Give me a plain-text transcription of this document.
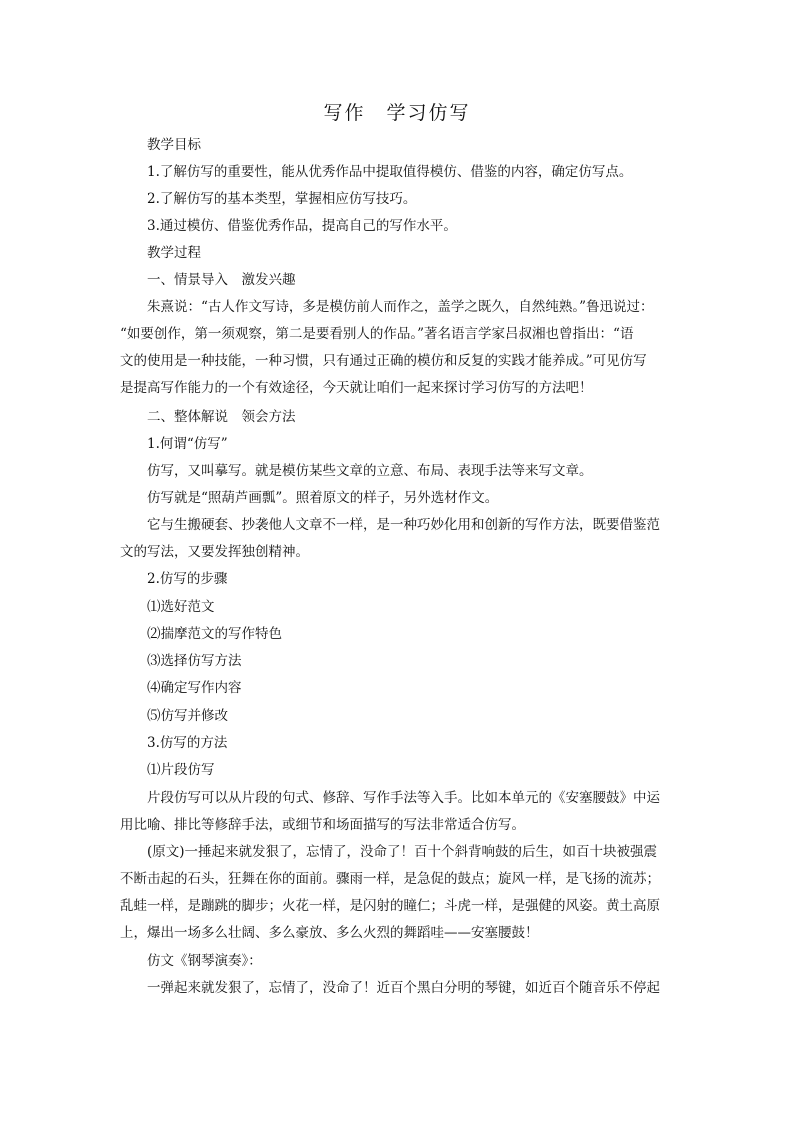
写作　学习仿写
教学目标
1.了解仿写的重要性，能从优秀作品中提取值得模仿、借鉴的内容，确定仿写点。
2.了解仿写的基本类型，掌握相应仿写技巧。
3.通过模仿、借鉴优秀作品，提高自己的写作水平。
教学过程
一、情景导入　激发兴趣
朱熹说：“古人作文写诗，多是模仿前人而作之，盖学之既久，自然纯熟。”鲁迅说过：
“如要创作，第一须观察，第二是要看别人的作品。”著名语言学家吕叔湘也曾指出：“语
文的使用是一种技能，一种习惯，只有通过正确的模仿和反复的实践才能养成。”可见仿写
是提高写作能力的一个有效途径，今天就让咱们一起来探讨学习仿写的方法吧！
二、整体解说　领会方法
1.何谓“仿写”
仿写，又叫摹写。就是模仿某些文章的立意、布局、表现手法等来写文章。
仿写就是“照葫芦画瓢”。照着原文的样子，另外选材作文。
它与生搬硬套、抄袭他人文章不一样，是一种巧妙化用和创新的写作方法，既要借鉴范
文的写法，又要发挥独创精神。
2.仿写的步骤
⑴选好范文
⑵揣摩范文的写作特色
⑶选择仿写方法
⑷确定写作内容
⑸仿写并修改
3.仿写的方法
⑴片段仿写
片段仿写可以从片段的句式、修辞、写作手法等入手。比如本单元的《安塞腰鼓》中运
用比喻、排比等修辞手法，或细节和场面描写的写法非常适合仿写。
(原文)一捶起来就发狠了，忘情了，没命了！百十个斜背响鼓的后生，如百十块被强震
不断击起的石头，狂舞在你的面前。骤雨一样，是急促的鼓点；旋风一样，是飞扬的流苏；
乱蛙一样，是蹦跳的脚步；火花一样，是闪射的瞳仁；斗虎一样，是强健的风姿。黄土高原
上，爆出一场多么壮阔、多么豪放、多么火烈的舞蹈哇——安塞腰鼓！
仿文《钢琴演奏》：
一弹起来就发狠了，忘情了，没命了！近百个黑白分明的琴键，如近百个随音乐不停起
